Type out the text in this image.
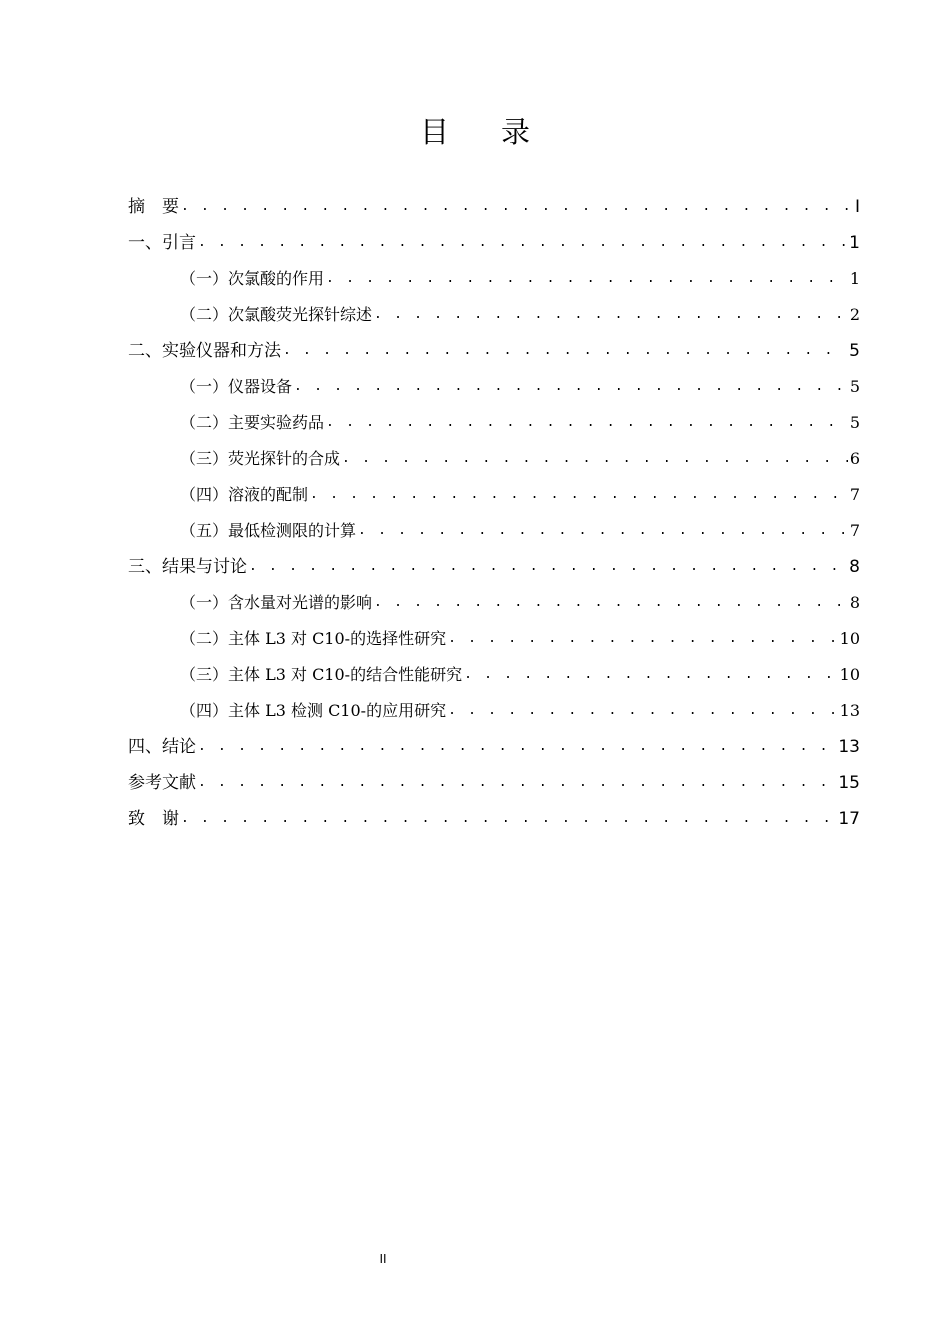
目录
摘　要 . . .	I
一、引言 . . .	1
（一）次氯酸的作用 . . .	1
（二）次氯酸荧光探针综述 . . .	2
二、实验仪器和方法 . . .	5
（一）仪器设备 . . .	5
（二）主要实验药品 . . .	5
（三）荧光探针的合成 . . .	6
（四）溶液的配制 . . .	7
（五）最低检测限的计算 . . .	7
三、结果与讨论 . . .	8
（一）含水量对光谱的影响 . . .	8
（二）主体 L3 对 C10-的选择性研究 . . .	10
（三）主体 L3 对 C10-的结合性能研究 . . .	10
（四）主体 L3 检测 C10-的应用研究 . . .	13
四、结论 . . .	13
参考文献 . . .	15
致　谢 . . .	17
II
